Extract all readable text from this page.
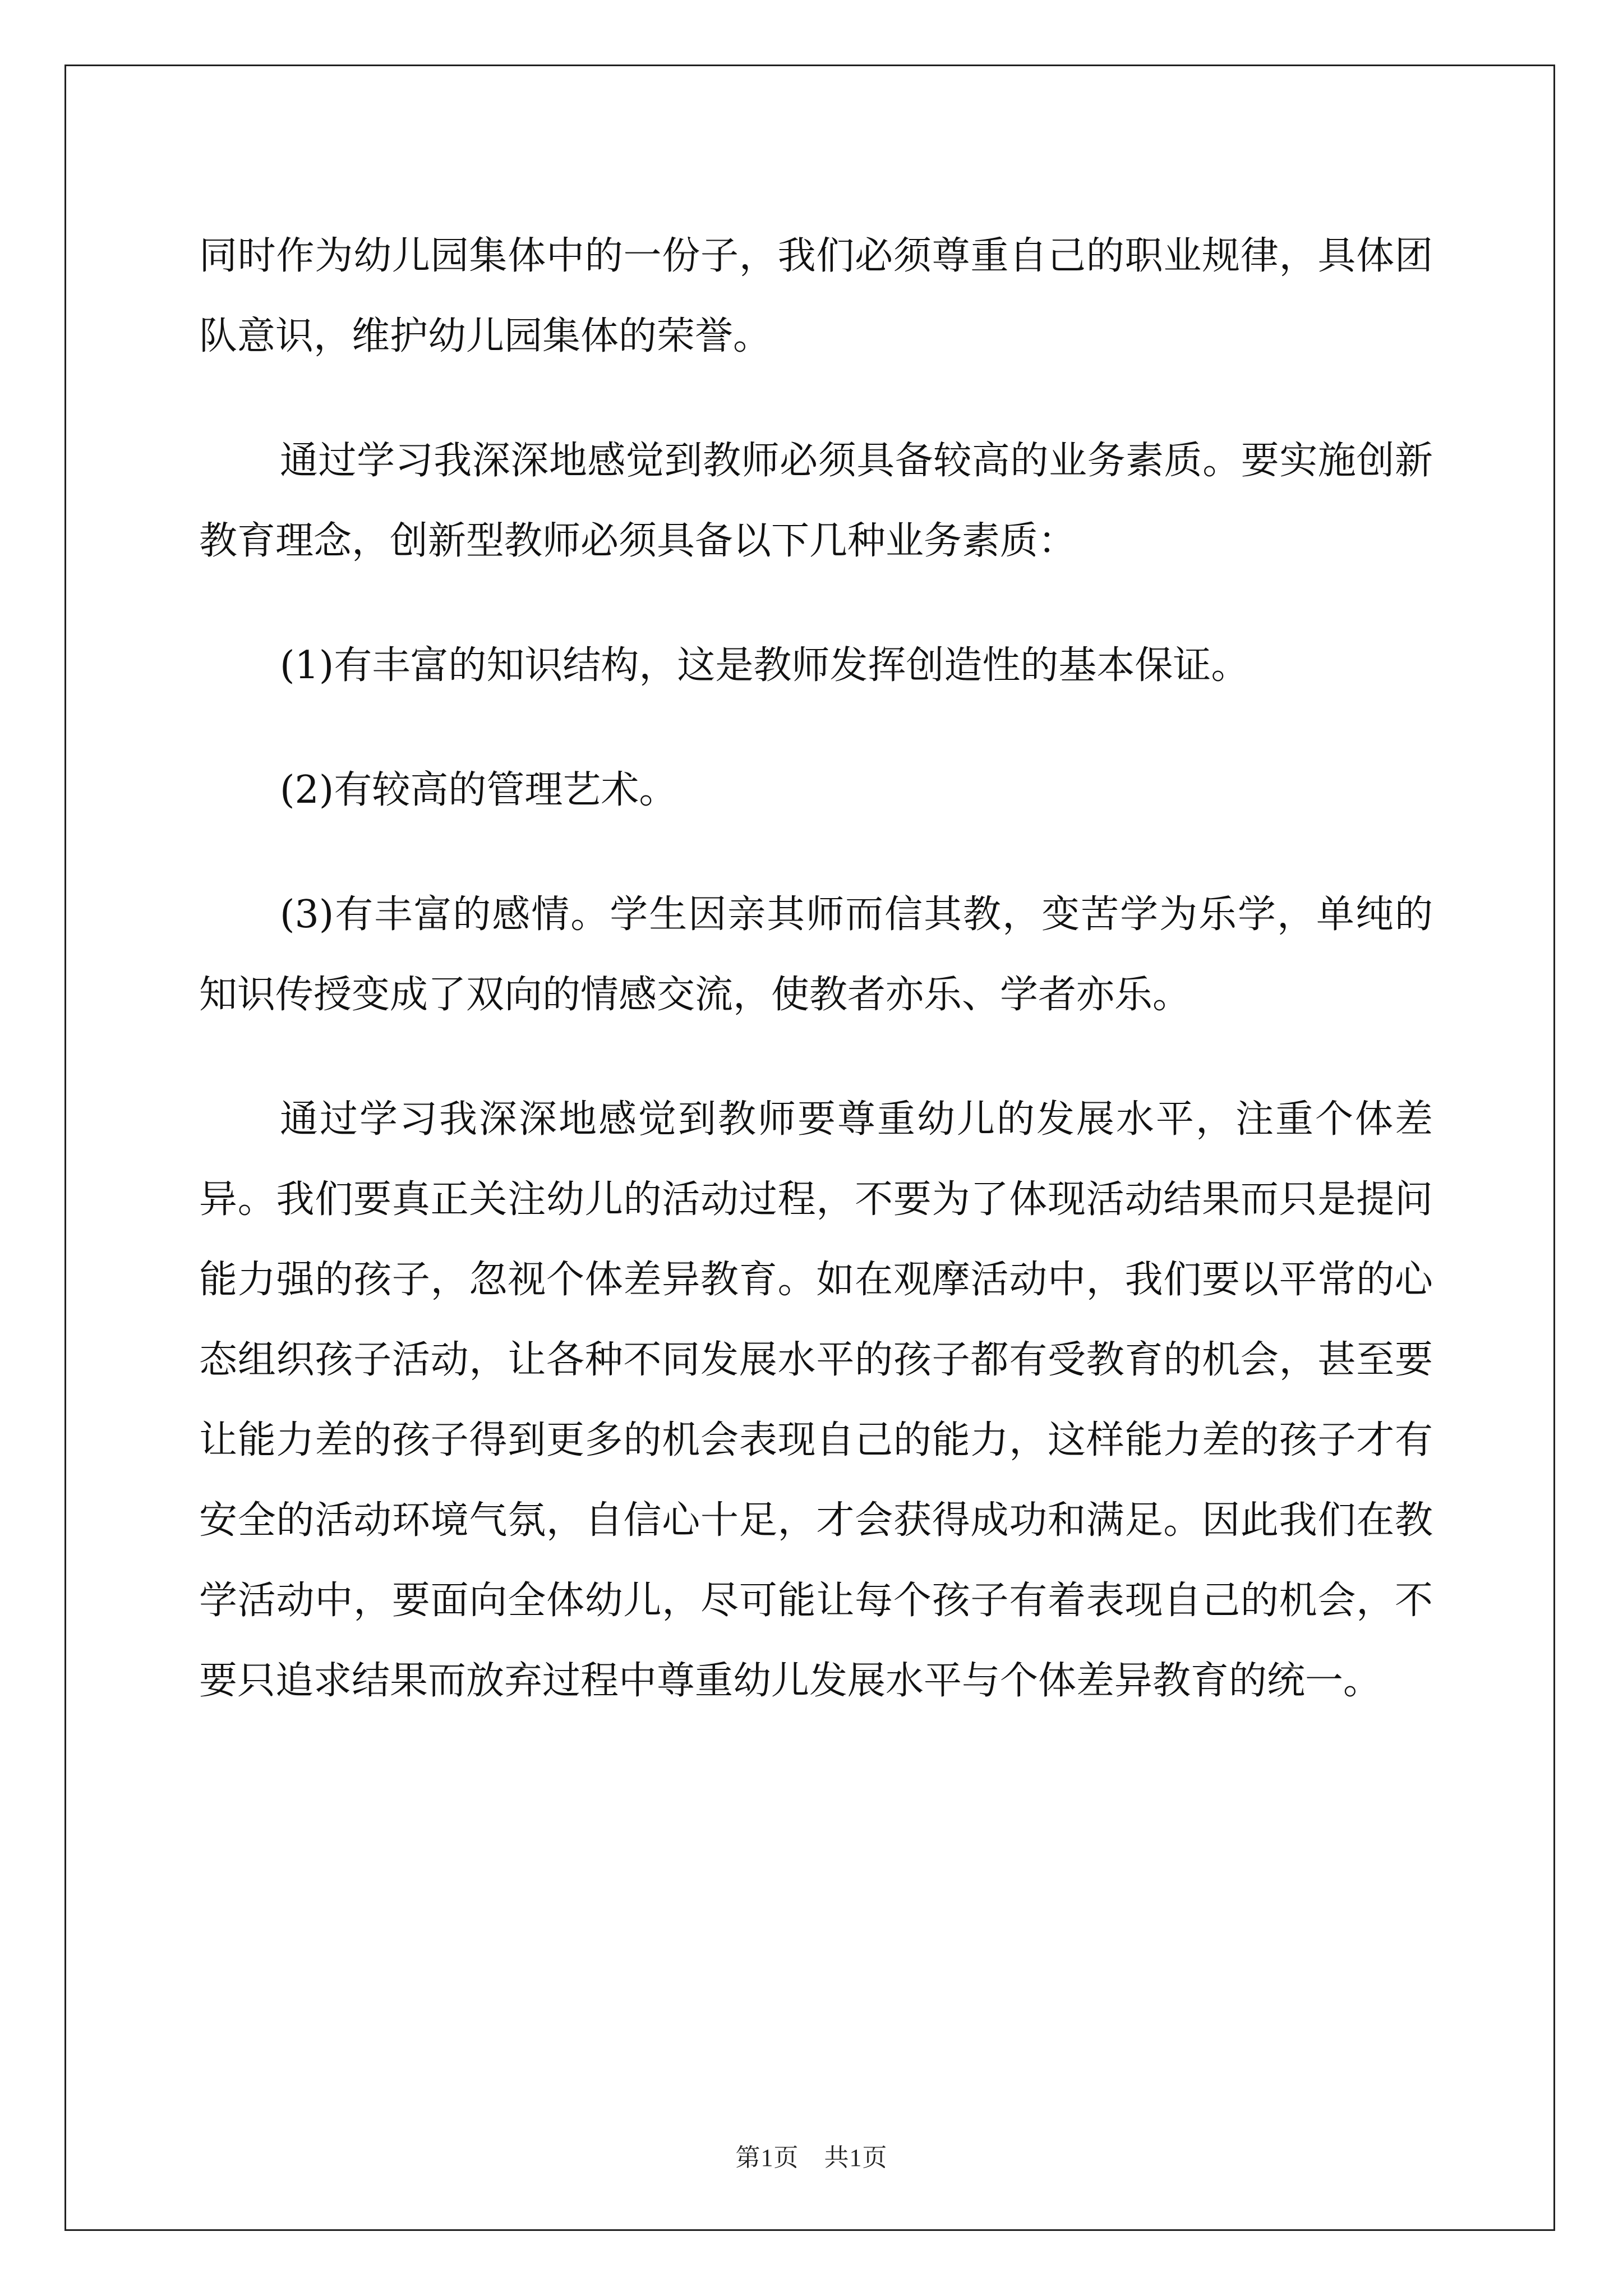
同时作为幼儿园集体中的一份子，我们必须尊重自己的职业规律，具体团队意识，维护幼儿园集体的荣誉。

通过学习我深深地感觉到教师必须具备较高的业务素质。要实施创新教育理念，创新型教师必须具备以下几种业务素质：

(1)有丰富的知识结构，这是教师发挥创造性的基本保证。

(2)有较高的管理艺术。

(3)有丰富的感情。学生因亲其师而信其教，变苦学为乐学，单纯的知识传授变成了双向的情感交流，使教者亦乐、学者亦乐。

通过学习我深深地感觉到教师要尊重幼儿的发展水平，注重个体差异。我们要真正关注幼儿的活动过程，不要为了体现活动结果而只是提问能力强的孩子，忽视个体差异教育。如在观摩活动中，我们要以平常的心态组织孩子活动，让各种不同发展水平的孩子都有受教育的机会，甚至要让能力差的孩子得到更多的机会表现自己的能力，这样能力差的孩子才有安全的活动环境气氛，自信心十足，才会获得成功和满足。因此我们在教学活动中，要面向全体幼儿，尽可能让每个孩子有着表现自己的机会，不要只追求结果而放弃过程中尊重幼儿发展水平与个体差异教育的统一。

第1页　共1页
